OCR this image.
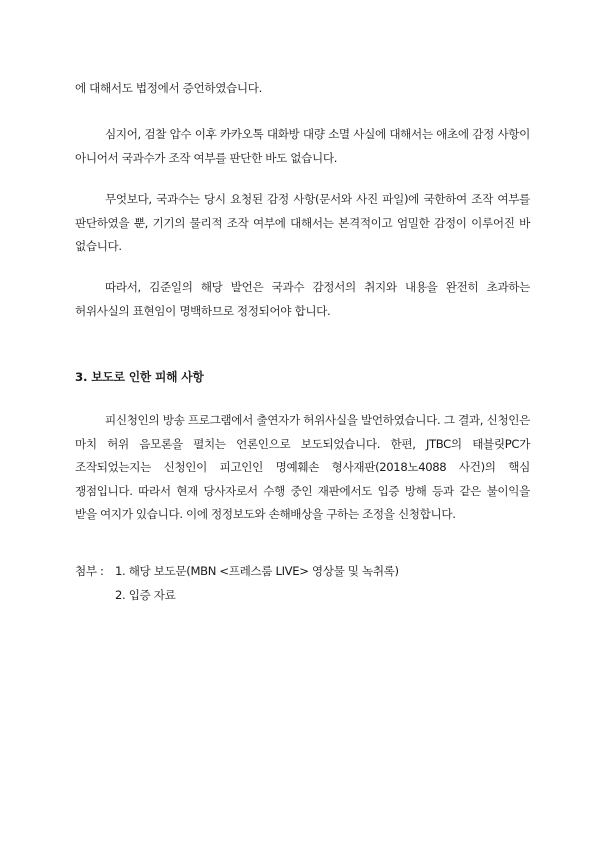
에 대해서도 법정에서 증언하였습니다.

심지어, 검찰 압수 이후 카카오톡 대화방 대량 소멸 사실에 대해서는 애초에 감정 사항이 아니어서 국과수가 조작 여부를 판단한 바도 없습니다.

무엇보다, 국과수는 당시 요청된 감정 사항(문서와 사진 파일)에 국한하여 조작 여부를 판단하였을 뿐, 기기의 물리적 조작 여부에 대해서는 본격적이고 엄밀한 감정이 이루어진 바 없습니다.

따라서, 김준일의 해당 발언은 국과수 감정서의 취지와 내용을 완전히 초과하는 허위사실의 표현임이 명백하므로 정정되어야 합니다.

3. 보도로 인한 피해 사항

피신청인의 방송 프로그램에서 출연자가 허위사실을 발언하였습니다. 그 결과, 신청인은 마치 허위 음모론을 펼치는 언론인으로 보도되었습니다. 한편, JTBC의 태블릿PC가 조작되었는지는 신청인이 피고인인 명예훼손 형사재판(2018노4088 사건)의 핵심 쟁점입니다. 따라서 현재 당사자로서 수행 중인 재판에서도 입증 방해 등과 같은 불이익을 받을 여지가 있습니다. 이에 정정보도와 손해배상을 구하는 조정을 신청합니다.

첨부 : 1. 해당 보도문(MBN <프레스룸 LIVE> 영상물 및 녹취록)
2. 입증 자료
